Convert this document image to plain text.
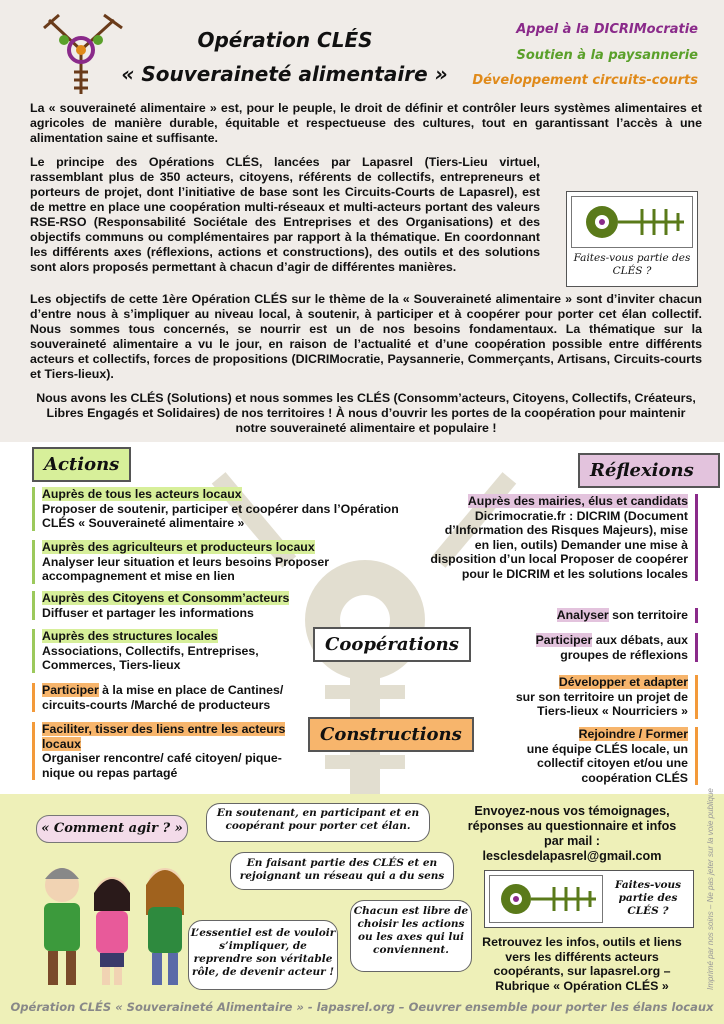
Opération CLÉS
« Souveraineté alimentaire »
Appel à la DICRIMocratie
Soutien à la paysannerie
Développement circuits-courts
La « souveraineté alimentaire » est, pour le peuple, le droit de définir et contrôler leurs systèmes alimentaires et agricoles de manière durable, équitable et respectueuse des cultures, tout en garantissant l’accès à une alimentation saine et suffisante.
Le principe des Opérations CLÉS, lancées par Lapasrel (Tiers-Lieu virtuel, rassemblant plus de 350 acteurs, citoyens, référents de collectifs, entrepreneurs et porteurs de projet, dont l’initiative de base sont les Circuits-Courts de Lapasrel), est de mettre en place une coopération multi-réseaux et multi-acteurs portant des valeurs RSE-RSO (Responsabilité Sociétale des Entreprises et des Organisations) et des objectifs communs ou complémentaires par rapport à la thématique. En coordonnant les différents axes (réflexions, actions et constructions), des outils et des solutions sont alors proposés permettant à chacun d’agir de différentes manières.
Faites-vous partie des CLÉS ?
Les objectifs de cette 1ère Opération CLÉS sur le thème de la « Souveraineté alimentaire » sont d’inviter chacun d’entre nous à s’impliquer au niveau local, à soutenir, à participer et à coopérer pour porter cet élan collectif. Nous sommes tous concernés, se nourrir est un de nos besoins fondamentaux. La thématique sur la souveraineté alimentaire a vu le jour, en raison de l’actualité et d’une coopération possible entre différents acteurs et collectifs, forces de propositions (DICRIMocratie, Paysannerie, Commerçants, Artisans, Circuits-courts et Tiers-lieux).
Nous avons les CLÉS (Solutions) et nous sommes les CLÉS (Consomm’acteurs, Citoyens, Collectifs, Créateurs, Libres Engagés et Solidaires) de nos territoires ! À nous d’ouvrir les portes de la coopération pour maintenir notre souveraineté alimentaire et populaire !
Actions	Réflexions
Coopérations
Constructions
Auprès de tous les acteurs locaux
Proposer de soutenir, participer et coopérer dans l’Opération CLÉS « Souveraineté alimentaire »
Auprès des agriculteurs et producteurs locaux
Analyser leur situation et leurs besoins Proposer accompagnement et mise en lien
Auprès des Citoyens et Consomm’acteurs
Diffuser et partager les informations
Auprès des structures locales
Associations, Collectifs, Entreprises, Commerces, Tiers-lieux
Participer à la mise en place de Cantines/ circuits-courts /Marché de producteurs
Faciliter, tisser des liens entre les acteurs locaux
Organiser rencontre/ café citoyen/ pique-nique ou repas partagé
Auprès des mairies, élus et candidats
Dicrimocratie.fr : DICRIM (Document d’Information des Risques Majeurs), mise en lien, outils) Demander une mise à disposition d’un local Proposer de coopérer pour le DICRIM et les solutions locales
Analyser son territoire
Participer aux débats, aux groupes de réflexions
Développer et adapter
sur son territoire un projet de Tiers-lieux « Nourriciers »
Rejoindre / Former
une équipe CLÉS locale, un collectif citoyen et/ou une coopération CLÉS
« Comment agir ? »
En soutenant, en participant et en coopérant pour porter cet élan.
En faisant partie des CLÉS et en rejoignant un réseau qui a du sens
Chacun est libre de choisir les actions ou les axes qui lui conviennent.
L’essentiel est de vouloir s’impliquer, de reprendre son véritable rôle, de devenir acteur !
Envoyez-nous vos témoignages, réponses au questionnaire et infos par mail :
lesclesdelapasrel@gmail.com
Faites-vous partie des CLÉS ?
Retrouvez les infos, outils et liens vers les différents acteurs coopérants, sur lapasrel.org – Rubrique « Opération CLÉS »
Opération CLÉS « Souveraineté Alimentaire » - lapasrel.org – Oeuvrer ensemble pour porter les élans locaux
Imprimé par nos soins – Ne pas jeter sur la voie publique
